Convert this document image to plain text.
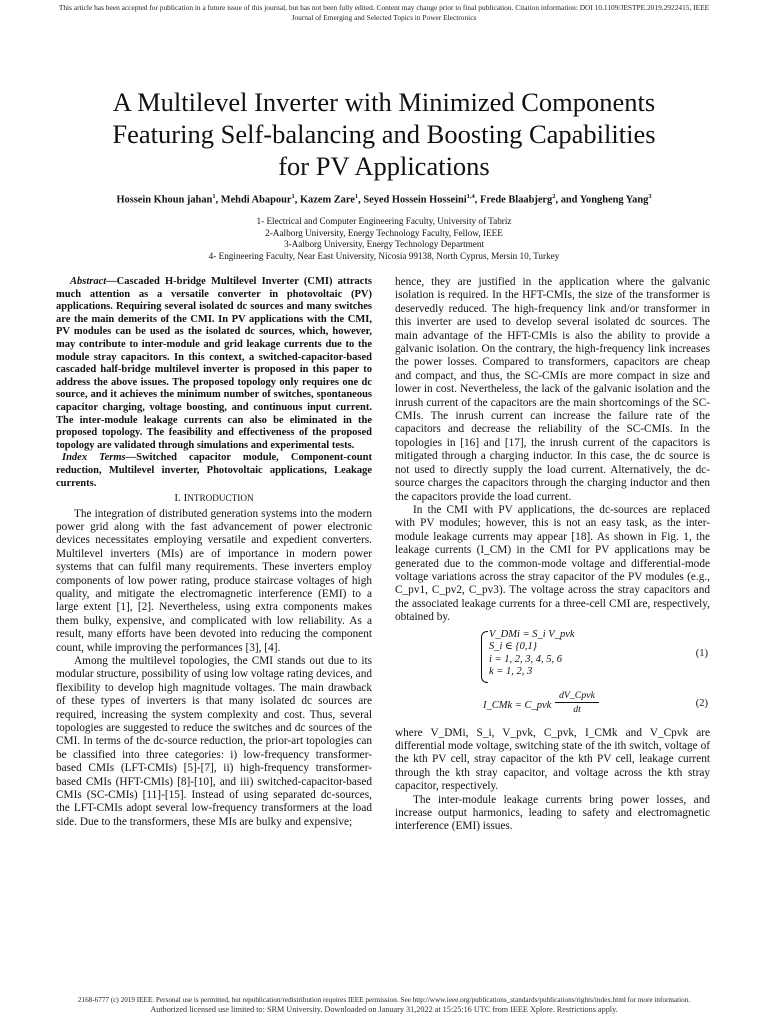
This article has been accepted for publication in a future issue of this journal, but has not been fully edited. Content may change prior to final publication. Citation information: DOI 10.1109/JESTPE.2019.2922415, IEEE
Journal of Emerging and Selected Topics in Power Electronics
A Multilevel Inverter with Minimized Components
Featuring Self-balancing and Boosting Capabilities
for PV Applications
Hossein Khoun jahan$^1$, Mehdi Abapour$^1$, Kazem Zare$^1$, Seyed Hossein Hosseini$^{1,4}$, Frede Blaabjerg$^2$, and Yongheng Yang$^3$
1- Electrical and Computer Engineering Faculty, University of Tabriz
2-Aalborg University, Energy Technology Faculty, Fellow, IEEE
3-Aalborg University, Energy Technology Department
4- Engineering Faculty, Near East University, Nicosia 99138, North Cyprus, Mersin 10, Turkey

Abstract—Cascaded H-bridge Multilevel Inverter (CMI) attracts much attention as a versatile converter in photovoltaic (PV) applications. Requiring several isolated dc sources and many switches are the main demerits of the CMI. In PV applications with the CMI, PV modules can be used as the isolated dc sources, which, however, may contribute to inter-module and grid leakage currents due to the module stray capacitors. In this context, a switched-capacitor-based cascaded half-bridge multilevel inverter is proposed in this paper to address the above issues. The proposed topology only requires one dc source, and it achieves the minimum number of switches, spontaneous capacitor charging, voltage boosting, and continuous input current. The inter-module leakage currents can also be eliminated in the proposed topology. The feasibility and effectiveness of the proposed topology are validated through simulations and experimental tests.

Index Terms—Switched capacitor module, Component-count reduction, Multilevel inverter, Photovoltaic applications, Leakage currents.

I. INTRODUCTION

The integration of distributed generation systems into the modern power grid along with the fast advancement of power electronic devices necessitates employing versatile and expedient converters. Multilevel inverters (MIs) are of importance in modern power systems that can fulfil many requirements. These inverters employ components of low power rating, produce staircase voltages of high quality, and mitigate the electromagnetic interference (EMI) to a large extent [1], [2]. Nevertheless, using extra components makes them bulky, expensive, and complicated with low reliability. As a result, many efforts have been devoted into reducing the component count, while improving the performances [3], [4].

Among the multilevel topologies, the CMI stands out due to its modular structure, possibility of using low voltage rating devices, and flexibility to develop high magnitude voltages. The main drawback of these types of inverters is that many isolated dc sources are required, increasing the system complexity and cost. Thus, several topologies are suggested to reduce the switches and dc sources of the CMI. In terms of the dc-source reduction, the prior-art topologies can be classified into three categories: i) low-frequency transformer-based CMIs (LFT-CMIs) [5]-[7], ii) high-frequency transformer-based CMIs (HFT-CMIs) [8]-[10], and iii) switched-capacitor-based CMIs (SC-CMIs) [11]-[15]. Instead of using separated dc-sources, the LFT-CMIs adopt several low-frequency transformers at the load side. Due to the transformers, these MIs are bulky and expensive;

hence, they are justified in the application where the galvanic isolation is required. In the HFT-CMIs, the size of the transformer is deservedly reduced. The high-frequency link and/or transformer in this inverter are used to develop several isolated dc sources. The main advantage of the HFT-CMIs is also the ability to provide a galvanic isolation. On the contrary, the high-frequency link increases the power losses. Compared to transformers, capacitors are cheap and compact, and thus, the SC-CMIs are more compact in size and lower in cost. Nevertheless, the lack of the galvanic isolation and the inrush current of the capacitors are the main shortcomings of the SC-CMIs. The inrush current can increase the failure rate of the capacitors and decrease the reliability of the SC-CMIs. In the topologies in [16] and [17], the inrush current of the capacitors is mitigated through a charging inductor. In this case, the dc source is not used to directly supply the load current. Alternatively, the dc-source charges the capacitors through the charging inductor and then the capacitors provide the load current.

In the CMI with PV applications, the dc-sources are replaced with PV modules; however, this is not an easy task, as the inter-module leakage currents may appear [18]. As shown in Fig. 1, the leakage currents (I_CM) in the CMI for PV applications may be generated due to the common-mode voltage and differential-mode voltage variations across the stray capacitor of the PV modules (e.g., C_pv1, C_pv2, C_pv3). The voltage across the stray capacitors and the associated leakage currents for a three-cell CMI are, respectively, obtained by.

V_DMi = S_i V_pvk
S_i ∈ {0,1}
i = 1, 2, 3, 4, 5, 6
k = 1, 2, 3
(1)
I_CMk = C_pvk
dV_Cpvk
dt
(2)

where V_DMi, S_i, V_pvk, C_pvk, I_CMk and V_Cpvk are differential mode voltage, switching state of the ith switch, voltage of the kth PV cell, stray capacitor of the kth PV cell, leakage current through the kth stray capacitor, and voltage across the kth stray capacitor, respectively.

The inter-module leakage currents bring power losses, and increase output harmonics, leading to safety and electromagnetic interference (EMI) issues.

2168-6777 (c) 2019 IEEE. Personal use is permitted, but republication/redistribution requires IEEE permission. See http://www.ieee.org/publications_standards/publications/rights/index.html for more information.
Authorized licensed use limited to: SRM University. Downloaded on January 31,2022 at 15:25:16 UTC from IEEE Xplore. Restrictions apply.
